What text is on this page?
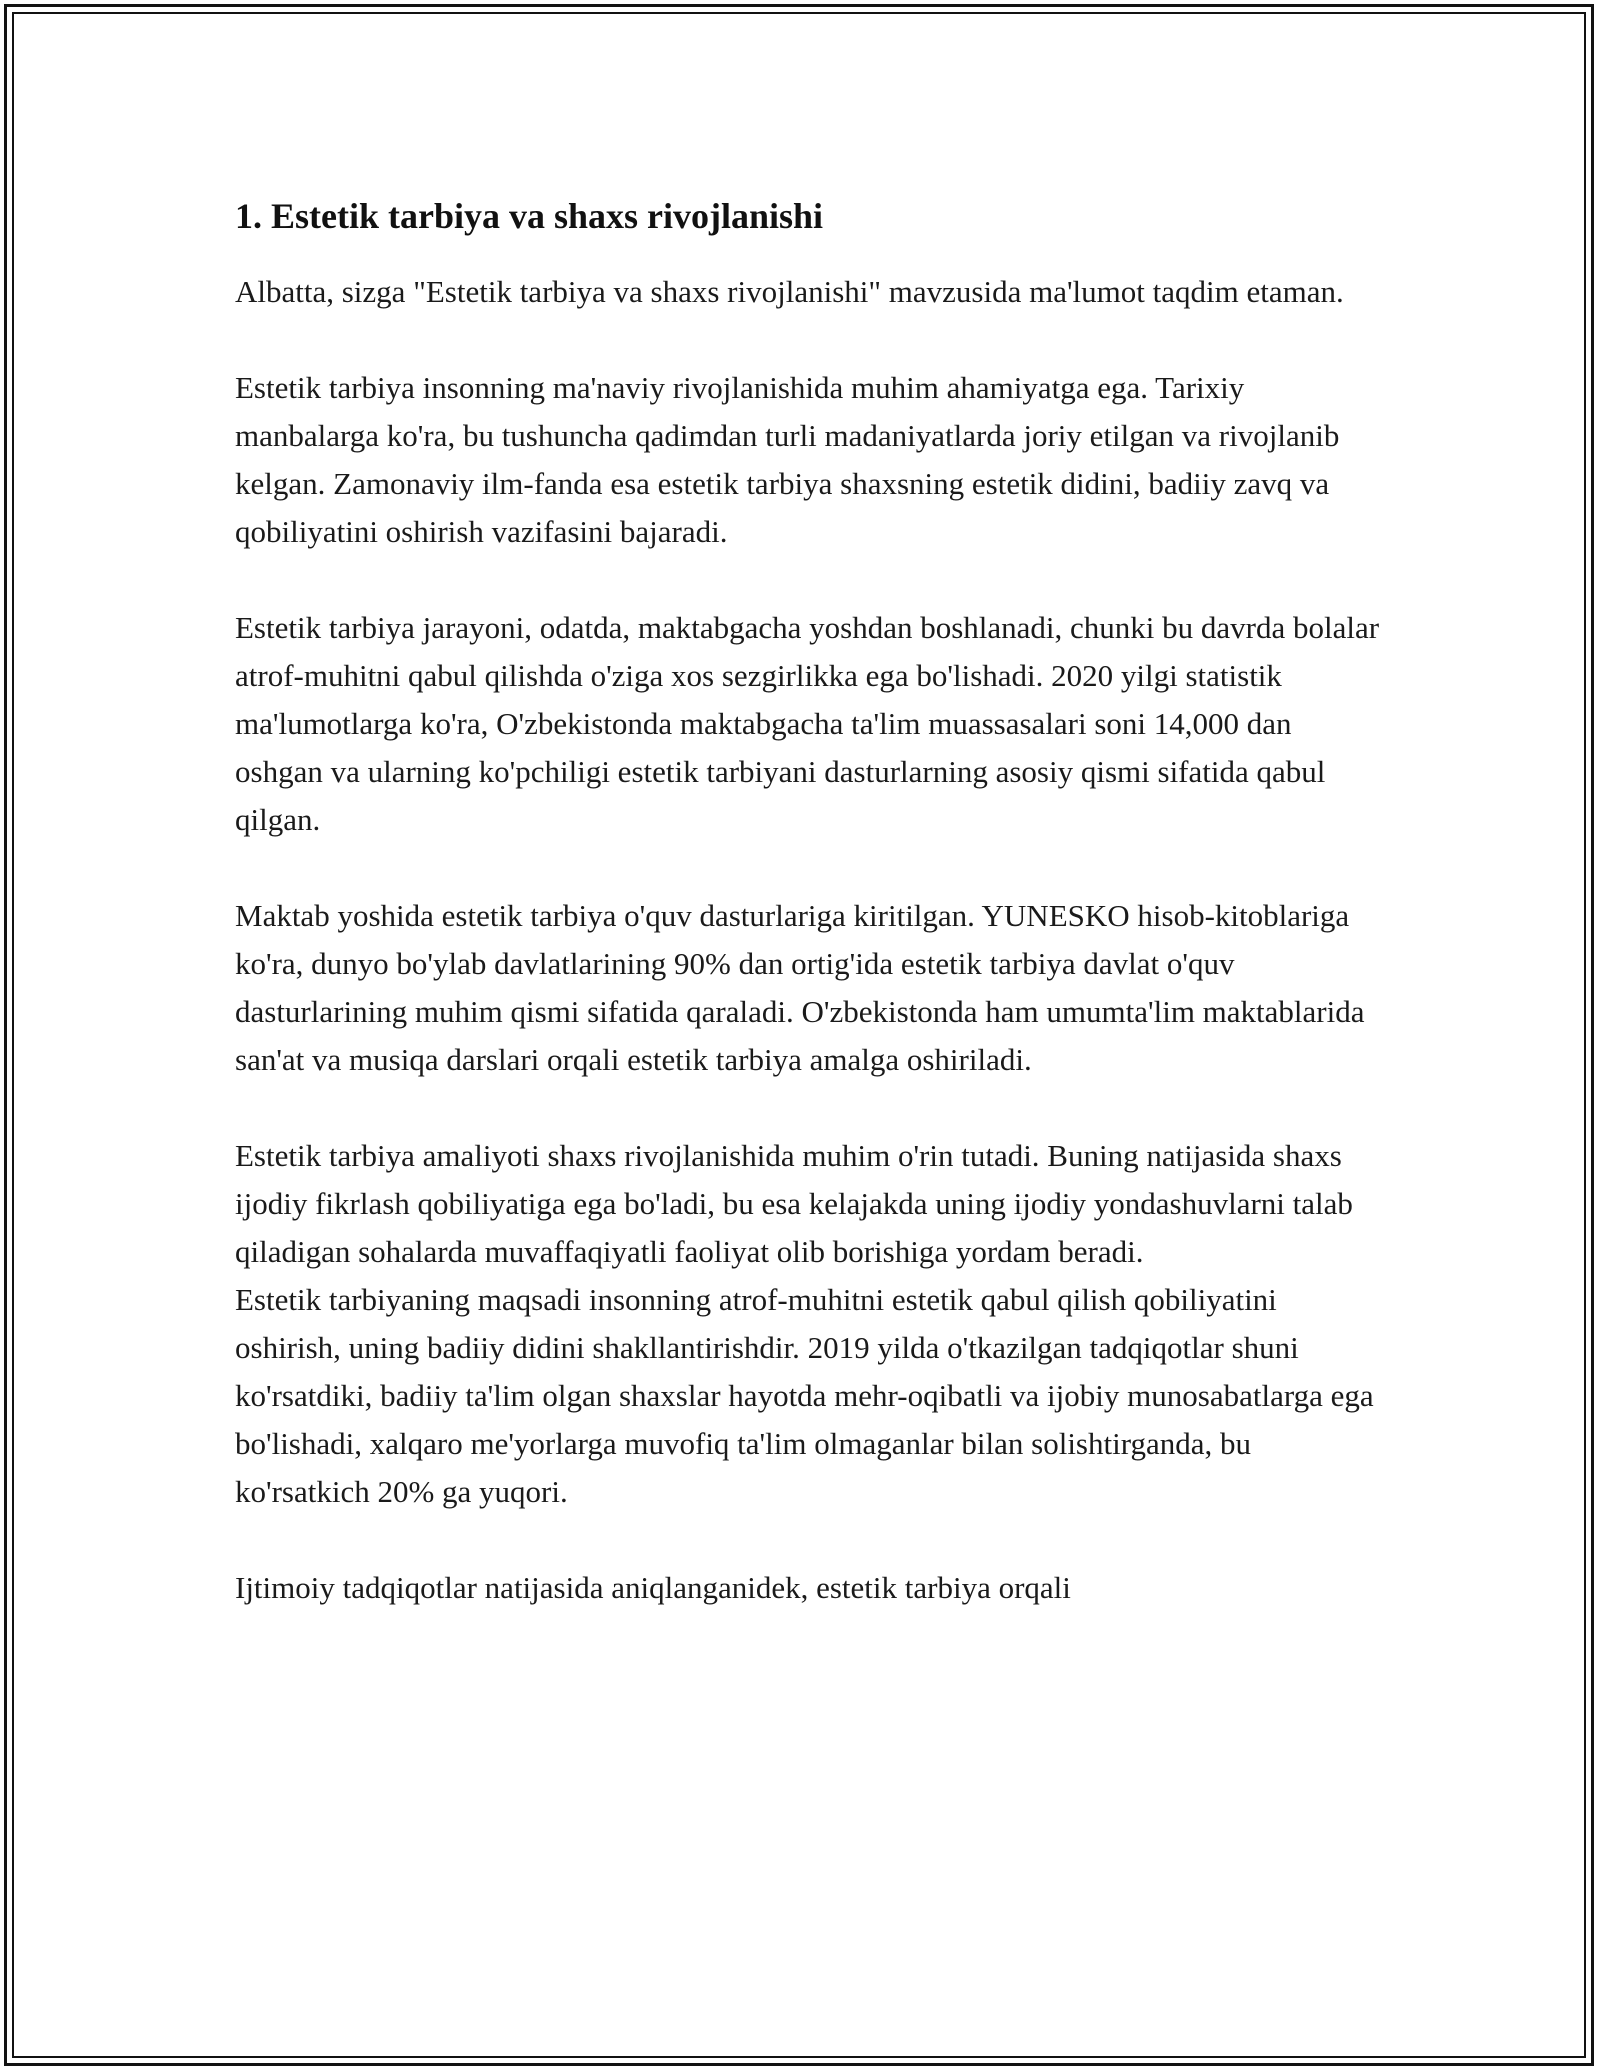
1. Estetik tarbiya va shaxs rivojlanishi

Albatta, sizga "Estetik tarbiya va shaxs rivojlanishi" mavzusida ma'lumot taqdim etaman.

Estetik tarbiya insonning ma'naviy rivojlanishida muhim ahamiyatga ega. Tarixiy manbalarga ko'ra, bu tushuncha qadimdan turli madaniyatlarda joriy etilgan va rivojlanib kelgan. Zamonaviy ilm-fanda esa estetik tarbiya shaxsning estetik didini, badiiy zavq va qobiliyatini oshirish vazifasini bajaradi.

Estetik tarbiya jarayoni, odatda, maktabgacha yoshdan boshlanadi, chunki bu davrda bolalar atrof-muhitni qabul qilishda o'ziga xos sezgirlikka ega bo'lishadi. 2020 yilgi statistik ma'lumotlarga ko'ra, O'zbekistonda maktabgacha ta'lim muassasalari soni 14,000 dan oshgan va ularning ko'pchiligi estetik tarbiyani dasturlarning asosiy qismi sifatida qabul qilgan.

Maktab yoshida estetik tarbiya o'quv dasturlariga kiritilgan. YUNESKO hisob-kitoblariga ko'ra, dunyo bo'ylab davlatlarining 90% dan ortig'ida estetik tarbiya davlat o'quv dasturlarining muhim qismi sifatida qaraladi. O'zbekistonda ham umumta'lim maktablarida san'at va musiqa darslari orqali estetik tarbiya amalga oshiriladi.

Estetik tarbiya amaliyoti shaxs rivojlanishida muhim o'rin tutadi. Buning natijasida shaxs ijodiy fikrlash qobiliyatiga ega bo'ladi, bu esa kelajakda uning ijodiy yondashuvlarni talab qiladigan sohalarda muvaffaqiyatli faoliyat olib borishiga yordam beradi.

Estetik tarbiyaning maqsadi insonning atrof-muhitni estetik qabul qilish qobiliyatini oshirish, uning badiiy didini shakllantirishdir. 2019 yilda o'tkazilgan tadqiqotlar shuni ko'rsatdiki, badiiy ta'lim olgan shaxslar hayotda mehr-oqibatli va ijobiy munosabatlarga ega bo'lishadi, xalqaro me'yorlarga muvofiq ta'lim olmaganlar bilan solishtirganda, bu ko'rsatkich 20% ga yuqori.

Ijtimoiy tadqiqotlar natijasida aniqlanganidek, estetik tarbiya orqali
